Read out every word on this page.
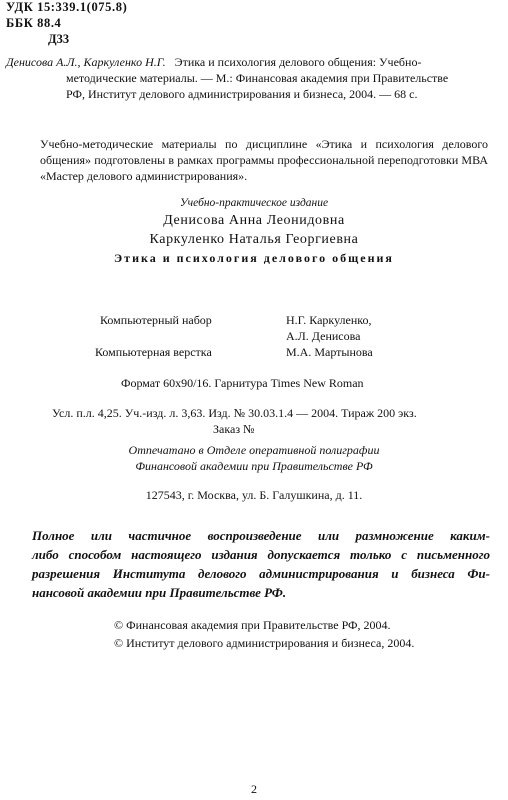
УДК 15:339.1(075.8)
ББК 88.4
Д33
Денисова А.Л., Каркуленко Н.Г. Этика и психология делового общения: Учебно-
методические материалы. — М.: Финансовая академия при Правительстве
РФ, Институт делового администрирования и бизнеса, 2004. — 68 с.
Учебно-методические материалы по дисциплине «Этика и психология делового
общения» подготовлены в рамках программы профессиональной переподготовки МВА
«Мастер делового администрирования».
Учебно-практическое издание
Денисова Анна Леонидовна
Каркуленко Наталья Георгиевна
Этика и психология делового общения
Компьютерный набор	Н.Г. Каркуленко,
А.Л. Денисова
Компьютерная верстка	М.А. Мартынова
Формат 60х90/16. Гарнитура Times New Roman
Усл. п.л. 4,25. Уч.-изд. л. 3,63. Изд. № 30.03.1.4 — 2004. Тираж 200 экз.
Заказ №
Отпечатано в Отделе оперативной полиграфии
Финансовой академии при Правительстве РФ
127543, г. Москва, ул. Б. Галушкина, д. 11.
Полное или частичное воспроизведение или размножение каким-
либо способом настоящего издания допускается только с письменного
разрешения Института делового администрирования и бизнеса Фи-
нансовой академии при Правительстве РФ.
© Финансовая академия при Правительстве РФ, 2004.
© Институт делового администрирования и бизнеса, 2004.
2
